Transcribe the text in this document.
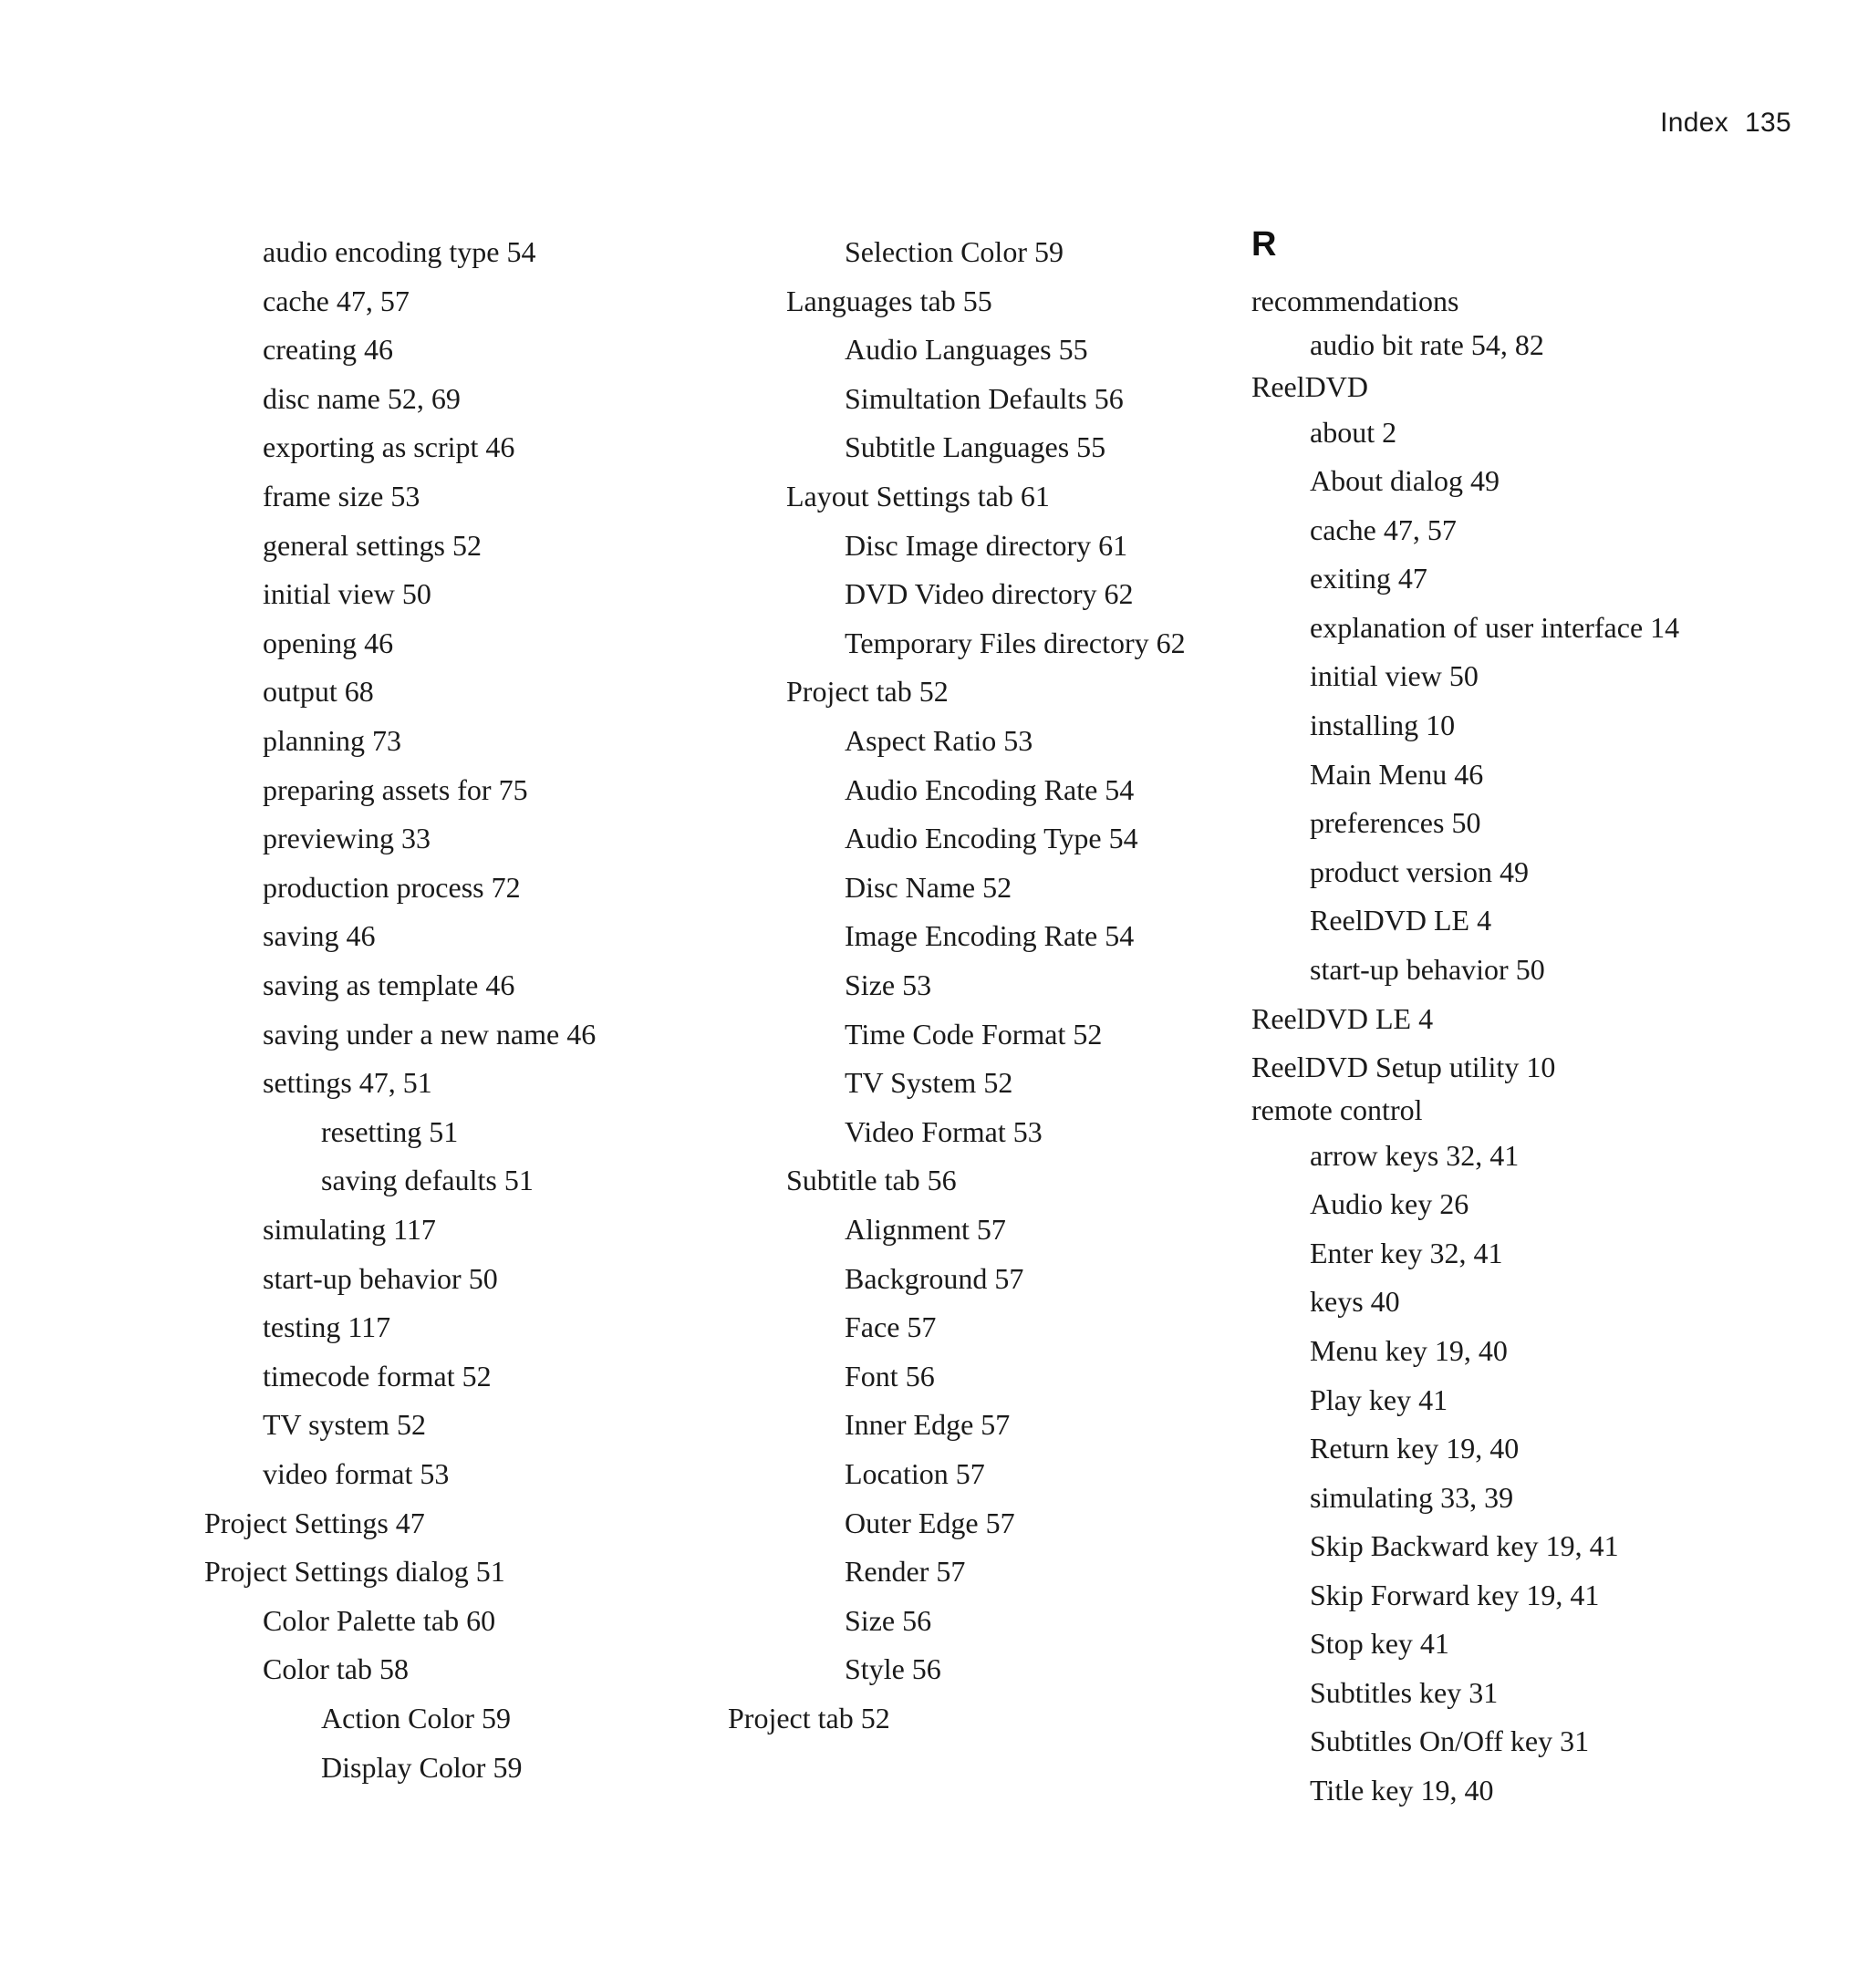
Index 135
audio encoding type 54
cache 47, 57
creating 46
disc name 52, 69
exporting as script 46
frame size 53
general settings 52
initial view 50
opening 46
output 68
planning 73
preparing assets for 75
previewing 33
production process 72
saving 46
saving as template 46
saving under a new name 46
settings 47, 51
resetting 51
saving defaults 51
simulating 117
start-up behavior 50
testing 117
timecode format 52
TV system 52
video format 53
Project Settings 47
Project Settings dialog 51
Color Palette tab 60
Color tab 58
Action Color 59
Display Color 59
Selection Color 59
Languages tab 55
Audio Languages 55
Simultation Defaults 56
Subtitle Languages 55
Layout Settings tab 61
Disc Image directory 61
DVD Video directory 62
Temporary Files directory 62
Project tab 52
Aspect Ratio 53
Audio Encoding Rate 54
Audio Encoding Type 54
Disc Name 52
Image Encoding Rate 54
Size 53
Time Code Format 52
TV System 52
Video Format 53
Subtitle tab 56
Alignment 57
Background 57
Face 57
Font 56
Inner Edge 57
Location 57
Outer Edge 57
Render 57
Size 56
Style 56
Project tab 52
R
recommendations
audio bit rate 54, 82
ReelDVD
about 2
About dialog 49
cache 47, 57
exiting 47
explanation of user interface 14
initial view 50
installing 10
Main Menu 46
preferences 50
product version 49
ReelDVD LE 4
start-up behavior 50
ReelDVD LE 4
ReelDVD Setup utility 10
remote control
arrow keys 32, 41
Audio key 26
Enter key 32, 41
keys 40
Menu key 19, 40
Play key 41
Return key 19, 40
simulating 33, 39
Skip Backward key 19, 41
Skip Forward key 19, 41
Stop key 41
Subtitles key 31
Subtitles On/Off key 31
Title key 19, 40
